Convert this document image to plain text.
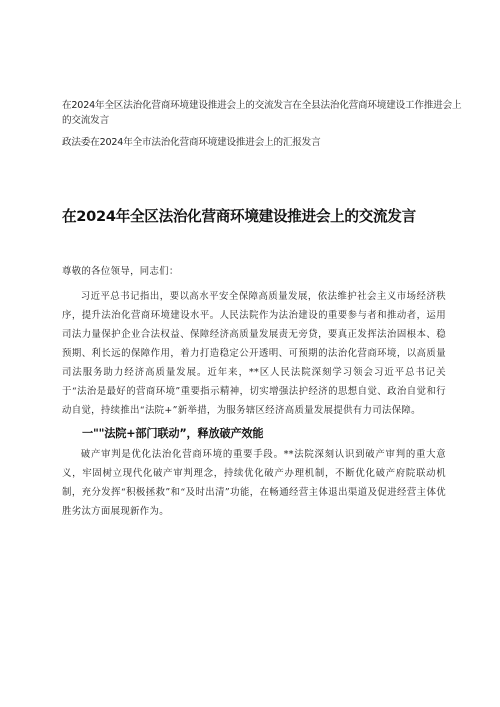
在2024年全区法治化营商环境建设推进会上的交流发言在全县法治化营商环境建设工作推进会上的交流发言

政法委在2024年全市法治化营商环境建设推进会上的汇报发言

在2024年全区法治化营商环境建设推进会上的交流发言

尊敬的各位领导，同志们：

习近平总书记指出，要以高水平安全保障高质量发展，依法维护社会主义市场经济秩序，提升法治化营商环境建设水平。人民法院作为法治建设的重要参与者和推动者，运用司法力量保护企业合法权益、保障经济高质量发展责无旁贷，要真正发挥法治固根本、稳预期、利长远的保障作用，着力打造稳定公开透明、可预期的法治化营商环境，以高质量司法服务助力经济高质量发展。近年来，**区人民法院深刻学习领会习近平总书记关于“法治是最好的营商环境”重要指示精神，切实增强法护经济的思想自觉、政治自觉和行动自觉，持续推出“法院+”新举措，为服务辖区经济高质量发展提供有力司法保障。

一""法院+部门联动”，释放破产效能

破产审判是优化法治化营商环境的重要手段。**法院深刻认识到破产审判的重大意义，牢固树立现代化破产审判理念，持续优化破产办理机制，不断优化破产府院联动机制，充分发挥“积极拯救”和“及时出清”功能，在畅通经营主体退出渠道及促进经营主体优胜劣汰方面展现新作为。
